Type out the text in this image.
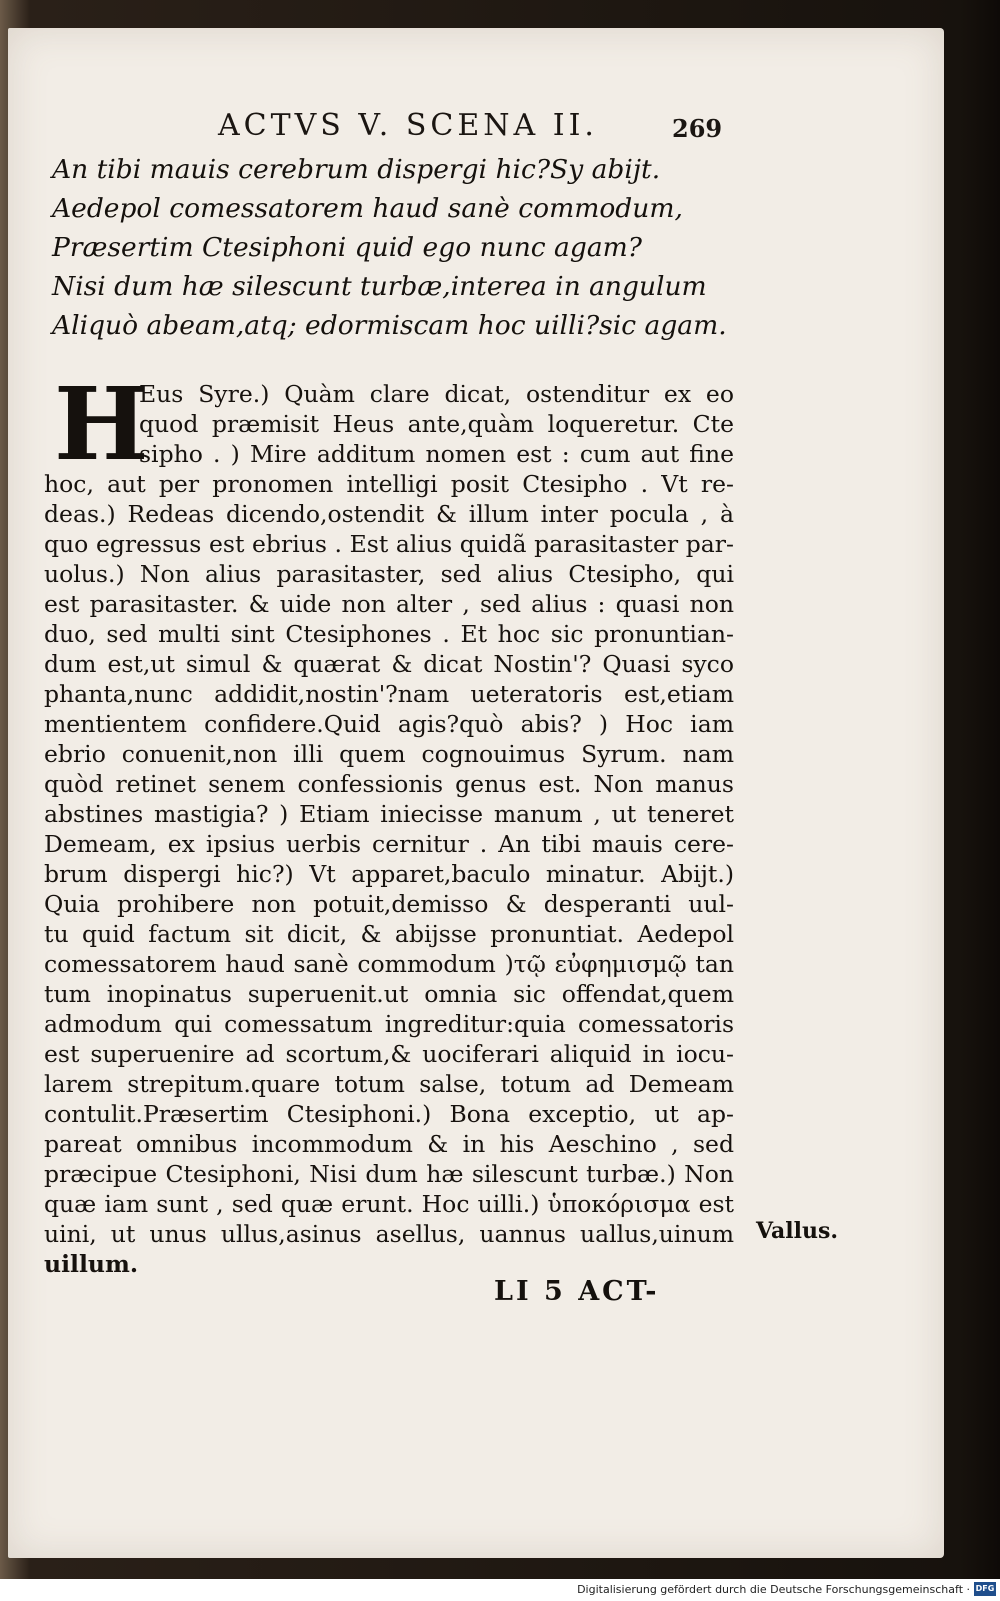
ACTVS V. SCENA II.	269
An tibi mauis cerebrum dispergi hic?Sy abijt.
Aedepol comessatorem haud sanè commodum,
Præsertim Ctesiphoni quid ego nunc agam?
Nisi dum hæ silescunt turbæ,interea in angulum
Aliquò abeam,atq; edormiscam hoc uilli?sic agam.
H
Eus Syre.) Quàm clare dicat, ostenditur ex eo
quod præmisit Heus ante,quàm loqueretur. Cte
sipho . ) Mire additum nomen est : cum aut fine
hoc, aut per pronomen intelligi posit Ctesipho . Vt re-
deas.) Redeas dicendo,ostendit & illum inter pocula , à
quo egressus est ebrius . Est alius quidã parasitaster par-
uolus.) Non alius parasitaster, sed alius Ctesipho, qui
est parasitaster. & uide non alter , sed alius : quasi non
duo, sed multi sint Ctesiphones . Et hoc sic pronuntian-
dum est,ut simul & quærat & dicat Nostin'? Quasi syco
phanta,nunc addidit,nostin'?nam ueteratoris est,etiam
mentientem confidere.Quid agis?quò abis? ) Hoc iam
ebrio conuenit,non illi quem cognouimus Syrum. nam
quòd retinet senem confessionis genus est. Non manus
abstines mastigia? ) Etiam iniecisse manum , ut teneret
Demeam, ex ipsius uerbis cernitur . An tibi mauis cere-
brum dispergi hic?) Vt apparet,baculo minatur. Abijt.)
Quia prohibere non potuit,demisso & desperanti uul-
tu quid factum sit dicit, & abijsse pronuntiat. Aedepol
comessatorem haud sanè commodum )τῷ εὐφημισμῷ tan
tum inopinatus superuenit.ut omnia sic offendat,quem
admodum qui comessatum ingreditur:quia comessatoris
est superuenire ad scortum,& uociferari aliquid in iocu-
larem strepitum.quare totum salse, totum ad Demeam
contulit.Præsertim Ctesiphoni.) Bona exceptio, ut ap-
pareat omnibus incommodum & in his Aeschino , sed
præcipue Ctesiphoni, Nisi dum hæ silescunt turbæ.) Non
quæ iam sunt , sed quæ erunt. Hoc uilli.) ὑποκόρισμα est
uini, ut unus ullus,asinus asellus, uannus uallus,uinum
uillum.
Vallus.
LI 5 ACT-
Digitalisierung gefördert durch die Deutsche Forschungsgemeinschaft · DFG
